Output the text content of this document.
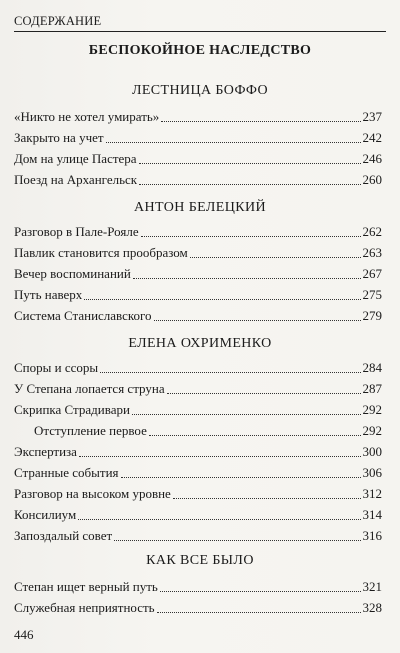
СОДЕРЖАНИЕ
БЕСПОКОЙНОЕ НАСЛЕДСТВО
ЛЕСТНИЦА БОФФО
«Никто не хотел умирать»	237
Закрыто на учет	242
Дом на улице Пастера	246
Поезд на Архангельск	260
АНТОН БЕЛЕЦКИЙ
Разговор в Пале-Рояле	262
Павлик становится прообразом	263
Вечер воспоминаний	267
Путь наверх	275
Система Станиславского	279
ЕЛЕНА ОХРИМЕНКО
Споры и ссоры	284
У Степана лопается струна	287
Скрипка Страдивари	292
Отступление первое	292
Экспертиза	300
Странные события	306
Разговор на высоком уровне	312
Консилиум	314
Запоздалый совет	316
КАК ВСЕ БЫЛО
Степан ищет верный путь	321
Служебная неприятность	328
446
